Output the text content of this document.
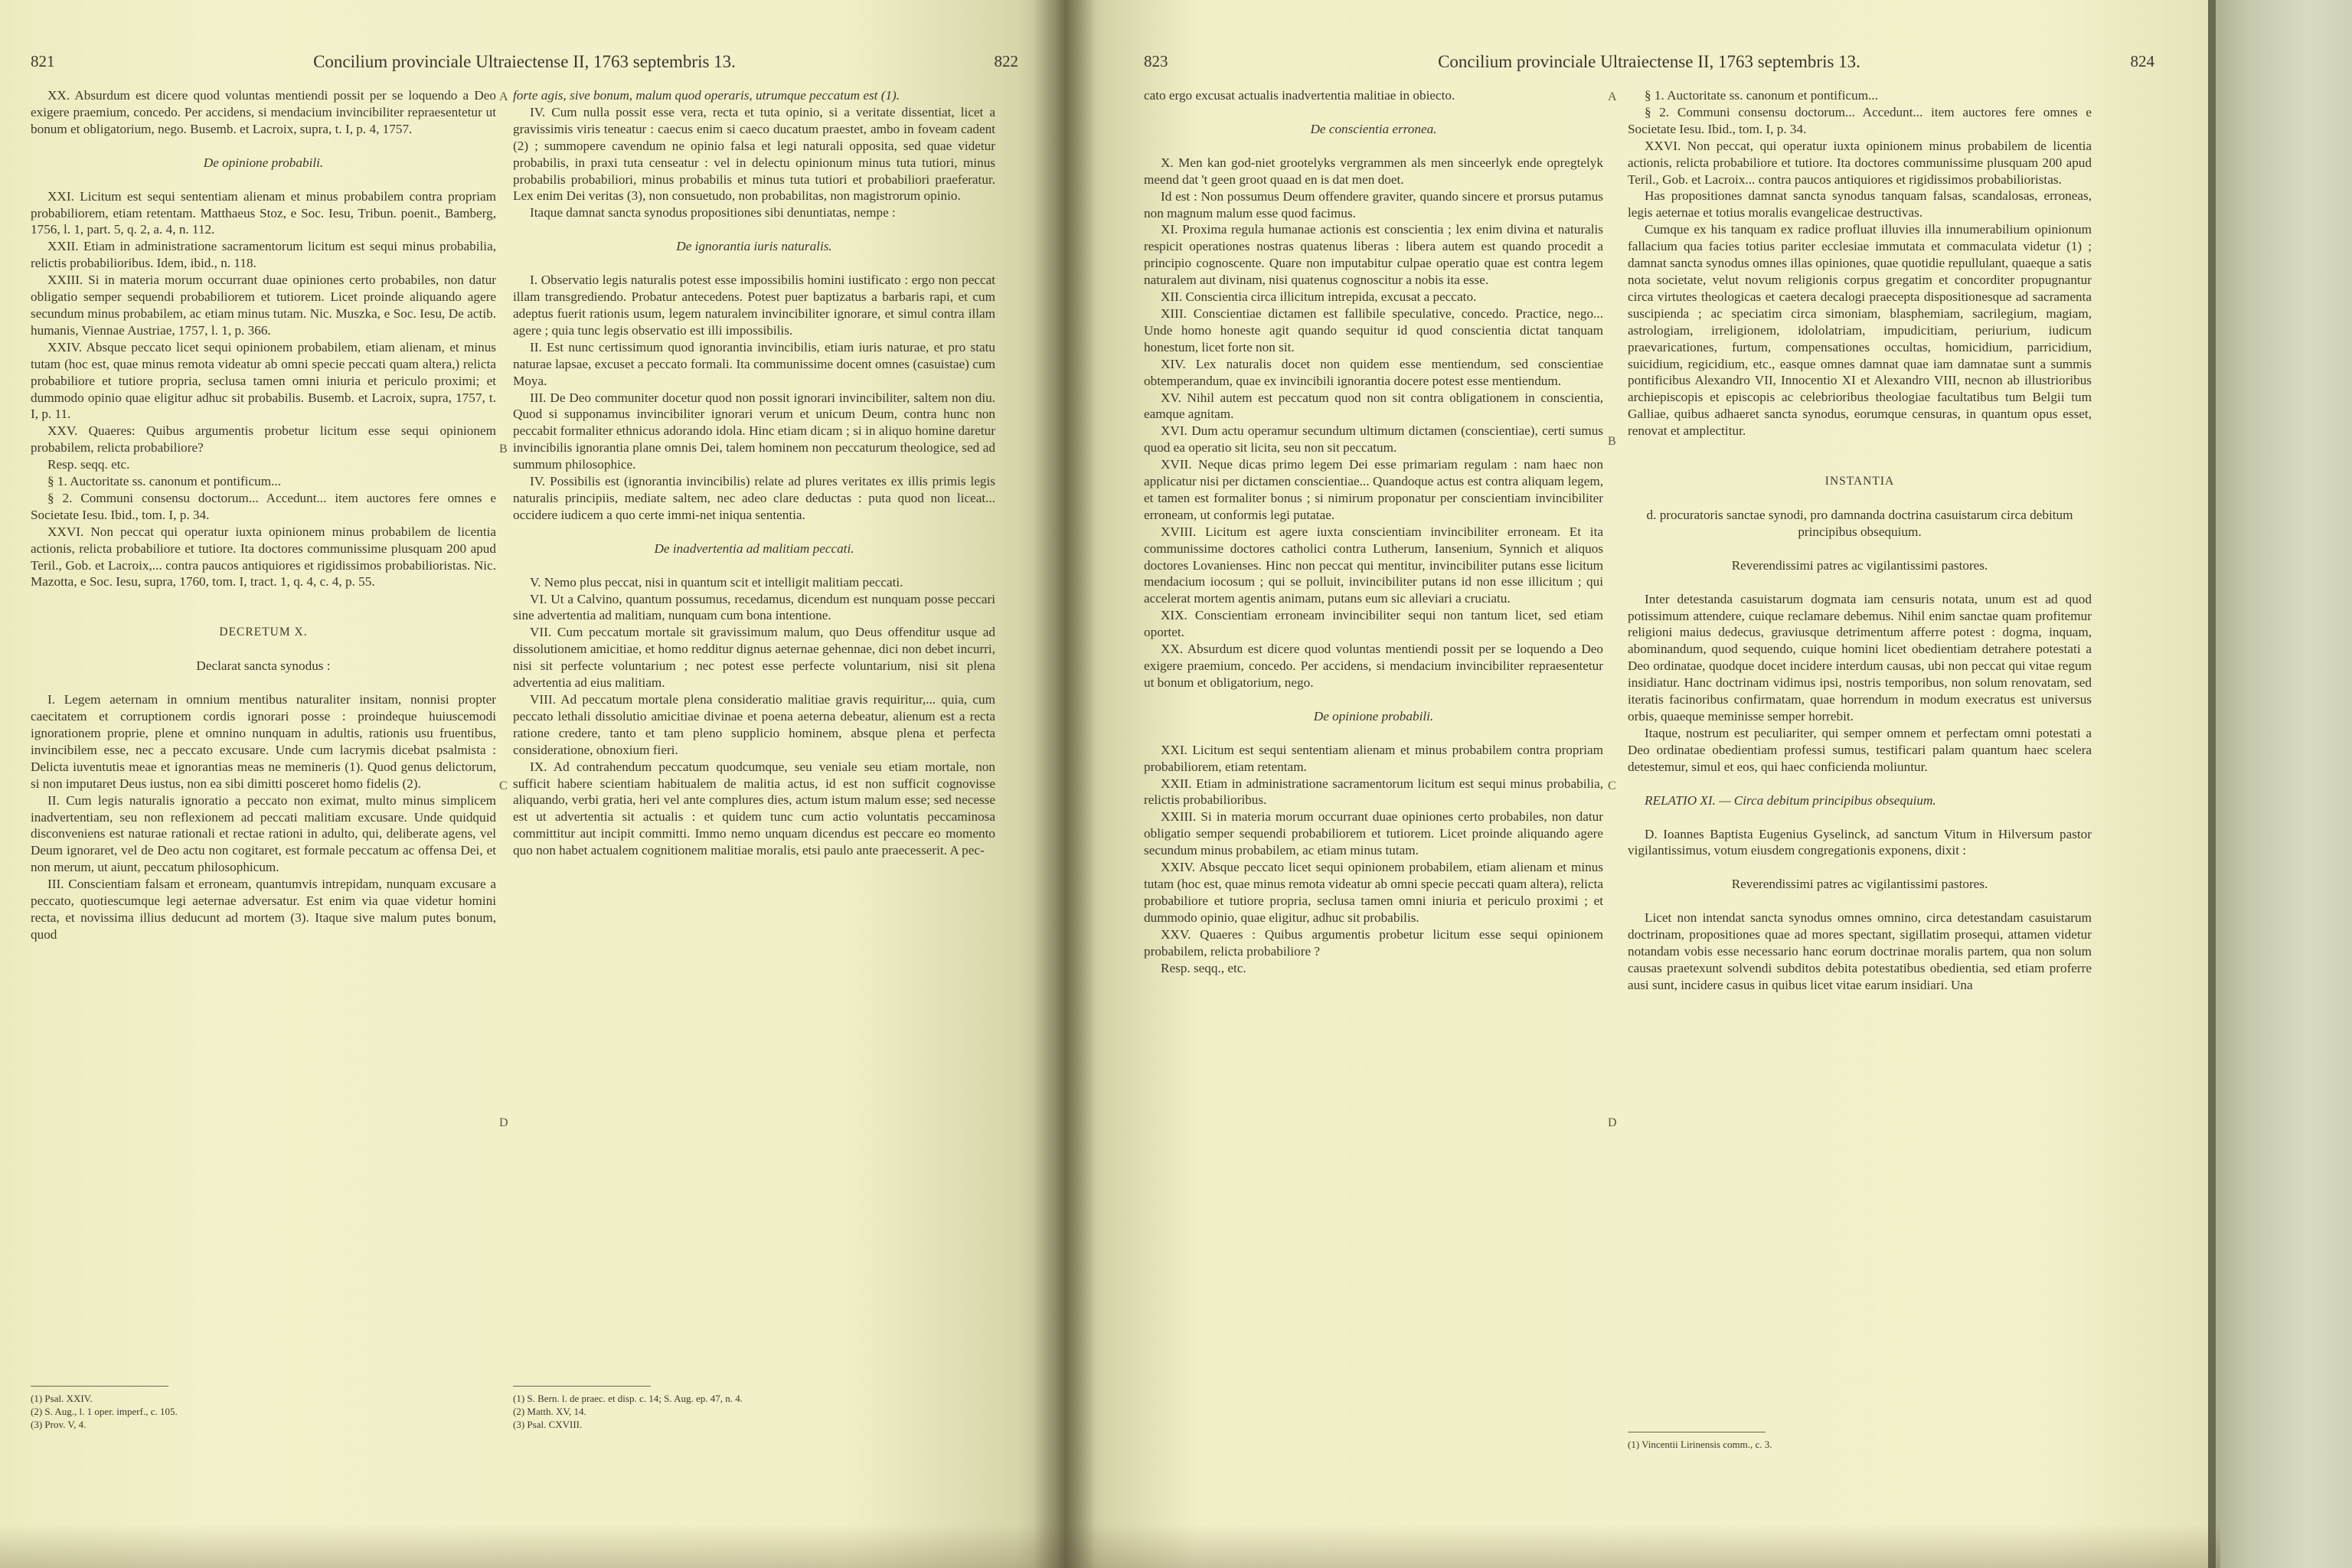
821	Concilium provinciale Ultraiectense II, 1763 septembris 13.	822

XX. Absurdum est dicere quod voluntas mentiendi possit per se loquendo a Deo exigere praemium, concedo. Per accidens, si mendacium invincibiliter repraesentetur ut bonum et obligatorium, nego. Busemb. et Lacroix, supra, t. I, p. 4, 1757.

De opinione probabili.

XXI. Licitum est sequi sententiam alienam et minus probabilem contra propriam probabiliorem, etiam retentam. Matthaeus Stoz, e Soc. Iesu, Tribun. poenit., Bamberg, 1756, l. 1, part. 5, q. 2, a. 4, n. 112.

XXII. Etiam in administratione sacramentorum licitum est sequi minus probabilia, relictis probabilioribus. Idem, ibid., n. 118.

XXIII. Si in materia morum occurrant duae opiniones certo probabiles, non datur obligatio semper sequendi probabiliorem et tutiorem. Licet proinde aliquando agere secundum minus probabilem, ac etiam minus tutam. Nic. Muszka, e Soc. Iesu, De actib. humanis, Viennae Austriae, 1757, l. 1, p. 366.

XXIV. Absque peccato licet sequi opinionem probabilem, etiam alienam, et minus tutam (hoc est, quae minus remota videatur ab omni specie peccati quam altera,) relicta probabiliore et tutiore propria, seclusa tamen omni iniuria et periculo proximi; et dummodo opinio quae eligitur adhuc sit probabilis. Busemb. et Lacroix, supra, 1757, t. I, p. 11.

XXV. Quaeres: Quibus argumentis probetur licitum esse sequi opinionem probabilem, relicta probabiliore?

Resp. seqq. etc.

§ 1. Auctoritate ss. canonum et pontificum...

§ 2. Communi consensu doctorum... Accedunt... item auctores fere omnes e Societate Iesu. Ibid., tom. I, p. 34.

XXVI. Non peccat qui operatur iuxta opinionem minus probabilem de licentia actionis, relicta probabiliore et tutiore. Ita doctores communissime plusquam 200 apud Teril., Gob. et Lacroix,... contra paucos antiquiores et rigidissimos probabilioristas. Nic. Mazotta, e Soc. Iesu, supra, 1760, tom. I, tract. 1, q. 4, c. 4, p. 55.

DECRETUM X.

Declarat sancta synodus :

I. Legem aeternam in omnium mentibus naturaliter insitam, nonnisi propter caecitatem et corruptionem cordis ignorari posse : proindeque huiuscemodi ignorationem proprie, plene et omnino nunquam in adultis, rationis usu fruentibus, invincibilem esse, nec a peccato excusare. Unde cum lacrymis dicebat psalmista : Delicta iuventutis meae et ignorantias meas ne memineris (1). Quod genus delictorum, si non imputaret Deus iustus, non ea sibi dimitti posceret homo fidelis (2).

II. Cum legis naturalis ignoratio a peccato non eximat, multo minus simplicem inadvertentiam, seu non reflexionem ad peccati malitiam excusare. Unde quidquid disconveniens est naturae rationali et rectae rationi in adulto, qui, deliberate agens, vel Deum ignoraret, vel de Deo actu non cogitaret, est formale peccatum ac offensa Dei, et non merum, ut aiunt, peccatum philosophicum.

III. Conscientiam falsam et erroneam, quantumvis intrepidam, nunquam excusare a peccato, quotiescumque legi aeternae adversatur. Est enim via quae videtur homini recta, et novissima illius deducunt ad mortem (3). Itaque sive malum putes bonum, quod

(1) Psal. XXIV.
(2) S. Aug., l. 1 oper. imperf., c. 105.
(3) Prov. V, 4.
A
B
C
D

forte agis, sive bonum, malum quod operaris, utrumque peccatum est (1).

IV. Cum nulla possit esse vera, recta et tuta opinio, si a veritate dissentiat, licet a gravissimis viris teneatur : caecus enim si caeco ducatum praestet, ambo in foveam cadent (2) ; summopere cavendum ne opinio falsa et legi naturali opposita, sed quae videtur probabilis, in praxi tuta censeatur : vel in delectu opinionum minus tuta tutiori, minus probabilis probabiliori, minus probabilis et minus tuta tutiori et probabiliori praeferatur. Lex enim Dei veritas (3), non consuetudo, non probabilitas, non magistrorum opinio.

Itaque damnat sancta synodus propositiones sibi denuntiatas, nempe :

De ignorantia iuris naturalis.

I. Observatio legis naturalis potest esse impossibilis homini iustificato : ergo non peccat illam transgrediendo. Probatur antecedens. Potest puer baptizatus a barbaris rapi, et cum adeptus fuerit rationis usum, legem naturalem invincibiliter ignorare, et simul contra illam agere ; quia tunc legis observatio est illi impossibilis.

II. Est nunc certissimum quod ignorantia invincibilis, etiam iuris naturae, et pro statu naturae lapsae, excuset a peccato formali. Ita communissime docent omnes (casuistae) cum Moya.

III. De Deo communiter docetur quod non possit ignorari invincibiliter, saltem non diu. Quod si supponamus invincibiliter ignorari verum et unicum Deum, contra hunc non peccabit formaliter ethnicus adorando idola. Hinc etiam dicam ; si in aliquo homine daretur invincibilis ignorantia plane omnis Dei, talem hominem non peccaturum theologice, sed ad summum philosophice.

IV. Possibilis est (ignorantia invincibilis) relate ad plures veritates ex illis primis legis naturalis principiis, mediate saltem, nec adeo clare deductas : puta quod non liceat... occidere iudicem a quo certe immi-net iniqua sententia.

De inadvertentia ad malitiam peccati.

V. Nemo plus peccat, nisi in quantum scit et intelligit malitiam peccati.

VI. Ut a Calvino, quantum possumus, recedamus, dicendum est nunquam posse peccari sine advertentia ad malitiam, nunquam cum bona intentione.

VII. Cum peccatum mortale sit gravissimum malum, quo Deus offenditur usque ad dissolutionem amicitiae, et homo redditur dignus aeternae gehennae, dici non debet incurri, nisi sit perfecte voluntarium ; nec potest esse perfecte voluntarium, nisi sit plena advertentia ad eius malitiam.

VIII. Ad peccatum mortale plena consideratio malitiae gravis requiritur,... quia, cum peccato lethali dissolutio amicitiae divinae et poena aeterna debeatur, alienum est a recta ratione credere, tanto et tam pleno supplicio hominem, absque plena et perfecta consideratione, obnoxium fieri.

IX. Ad contrahendum peccatum quodcumque, seu veniale seu etiam mortale, non sufficit habere scientiam habitualem de malitia actus, id est non sufficit cognovisse aliquando, verbi gratia, heri vel ante complures dies, actum istum malum esse; sed necesse est ut advertentia sit actualis : et quidem tunc cum actio voluntatis peccaminosa committitur aut incipit committi. Immo nemo unquam dicendus est peccare eo momento quo non habet actualem cognitionem malitiae moralis, etsi paulo ante praecesserit. A pec-

(1) S. Bern. l. de praec. et disp. c. 14; S. Aug. ep. 47, n. 4.
(2) Matth. XV, 14.
(3) Psal. CXVIII.
823	Concilium provinciale Ultraiectense II, 1763 septembris 13.	824

cato ergo excusat actualis inadvertentia malitiae in obiecto.

De conscientia erronea.

X. Men kan god-niet grootelyks vergrammen als men sinceerlyk ende opregtelyk meend dat 't geen groot quaad en is dat men doet.

Id est : Non possumus Deum offendere graviter, quando sincere et prorsus putamus non magnum malum esse quod facimus.

XI. Proxima regula humanae actionis est conscientia ; lex enim divina et naturalis respicit operationes nostras quatenus liberas : libera autem est quando procedit a principio cognoscente. Quare non imputabitur culpae operatio quae est contra legem naturalem aut divinam, nisi quatenus cognoscitur a nobis ita esse.

XII. Conscientia circa illicitum intrepida, excusat a peccato.

XIII. Conscientiae dictamen est fallibile speculative, concedo. Practice, nego... Unde homo honeste agit quando sequitur id quod conscientia dictat tanquam honestum, licet forte non sit.

XIV. Lex naturalis docet non quidem esse mentiendum, sed conscientiae obtemperandum, quae ex invincibili ignorantia docere potest esse mentiendum.

XV. Nihil autem est peccatum quod non sit contra obligationem in conscientia, eamque agnitam.

XVI. Dum actu operamur secundum ultimum dictamen (conscientiae), certi sumus quod ea operatio sit licita, seu non sit peccatum.

XVII. Neque dicas primo legem Dei esse primariam regulam : nam haec non applicatur nisi per dictamen conscientiae... Quandoque actus est contra aliquam legem, et tamen est formaliter bonus ; si nimirum proponatur per conscientiam invincibiliter erroneam, ut conformis legi putatae.

XVIII. Licitum est agere iuxta conscientiam invincibiliter erroneam. Et ita communissime doctores catholici contra Lutherum, Iansenium, Synnich et aliquos doctores Lovanienses. Hinc non peccat qui mentitur, invincibiliter putans esse licitum mendacium iocosum ; qui se polluit, invincibiliter putans id non esse illicitum ; qui accelerat mortem agentis animam, putans eum sic alleviari a cruciatu.

XIX. Conscientiam erroneam invincibiliter sequi non tantum licet, sed etiam oportet.

XX. Absurdum est dicere quod voluntas mentiendi possit per se loquendo a Deo exigere praemium, concedo. Per accidens, si mendacium invincibiliter repraesentetur ut bonum et obligatorium, nego.

De opinione probabili.

XXI. Licitum est sequi sententiam alienam et minus probabilem contra propriam probabiliorem, etiam retentam.

XXII. Etiam in administratione sacramentorum licitum est sequi minus probabilia, relictis probabilioribus.

XXIII. Si in materia morum occurrant duae opiniones certo probabiles, non datur obligatio semper sequendi probabiliorem et tutiorem. Licet proinde aliquando agere secundum minus probabilem, ac etiam minus tutam.

XXIV. Absque peccato licet sequi opinionem probabilem, etiam alienam et minus tutam (hoc est, quae minus remota videatur ab omni specie peccati quam altera), relicta probabiliore et tutiore propria, seclusa tamen omni iniuria et periculo proximi ; et dummodo opinio, quae eligitur, adhuc sit probabilis.

XXV. Quaeres : Quibus argumentis probetur licitum esse sequi opinionem probabilem, relicta probabiliore ?

Resp. seqq., etc.

A
B
C
D

§ 1. Auctoritate ss. canonum et pontificum...

§ 2. Communi consensu doctorum... Accedunt... item auctores fere omnes e Societate Iesu. Ibid., tom. I, p. 34.

XXVI. Non peccat, qui operatur iuxta opinionem minus probabilem de licentia actionis, relicta probabiliore et tutiore. Ita doctores communissime plusquam 200 apud Teril., Gob. et Lacroix... contra paucos antiquiores et rigidissimos probabilioristas.

Has propositiones damnat sancta synodus tanquam falsas, scandalosas, erroneas, legis aeternae et totius moralis evangelicae destructivas.

Cumque ex his tanquam ex radice profluat illuvies illa innumerabilium opinionum fallacium qua facies totius pariter ecclesiae immutata et commaculata videtur (1) ; damnat sancta synodus omnes illas opiniones, quae quotidie repullulant, quaeque a satis nota societate, velut novum religionis corpus gregatim et concorditer propugnantur circa virtutes theologicas et caetera decalogi praecepta dispositionesque ad sacramenta suscipienda ; ac speciatim circa simoniam, blasphemiam, sacrilegium, magiam, astrologiam, irreligionem, idololatriam, impudicitiam, periurium, iudicum praevaricationes, furtum, compensationes occultas, homicidium, parricidium, suicidium, regicidium, etc., easque omnes damnat quae iam damnatae sunt a summis pontificibus Alexandro VII, Innocentio XI et Alexandro VIII, necnon ab illustrioribus archiepiscopis et episcopis ac celebrioribus theologiae facultatibus tum Belgii tum Galliae, quibus adhaeret sancta synodus, eorumque censuras, in quantum opus esset, renovat et amplectitur.

INSTANTIA

d. procuratoris sanctae synodi, pro damnanda doctrina casuistarum circa debitum principibus obsequium.

Reverendissimi patres ac vigilantissimi pastores.

Inter detestanda casuistarum dogmata iam censuris notata, unum est ad quod potissimum attendere, cuique reclamare debemus. Nihil enim sanctae quam profitemur religioni maius dedecus, graviusque detrimentum afferre potest : dogma, inquam, abominandum, quod sequendo, cuique homini licet obedientiam detrahere potestati a Deo ordinatae, quodque docet incidere interdum causas, ubi non peccat qui vitae regum insidiatur. Hanc doctrinam vidimus ipsi, nostris temporibus, non solum renovatam, sed iteratis facinoribus confirmatam, quae horrendum in modum execratus est universus orbis, quaeque meminisse semper horrebit.

Itaque, nostrum est peculiariter, qui semper omnem et perfectam omni potestati a Deo ordinatae obedientiam professi sumus, testificari palam quantum haec scelera detestemur, simul et eos, qui haec conficienda moliuntur.

RELATIO XI. — Circa debitum principibus obsequium.

D. Ioannes Baptista Eugenius Gyselinck, ad sanctum Vitum in Hilversum pastor vigilantissimus, votum eiusdem congregationis exponens, dixit :

Reverendissimi patres ac vigilantissimi pastores.

Licet non intendat sancta synodus omnes omnino, circa detestandam casuistarum doctrinam, propositiones quae ad mores spectant, sigillatim prosequi, attamen videtur notandam vobis esse necessario hanc eorum doctrinae moralis partem, qua non solum causas praetexunt solvendi subditos debita potestatibus obedientia, sed etiam proferre ausi sunt, incidere casus in quibus licet vitae earum insidiari. Una

(1) Vincentii Lirinensis comm., c. 3.
